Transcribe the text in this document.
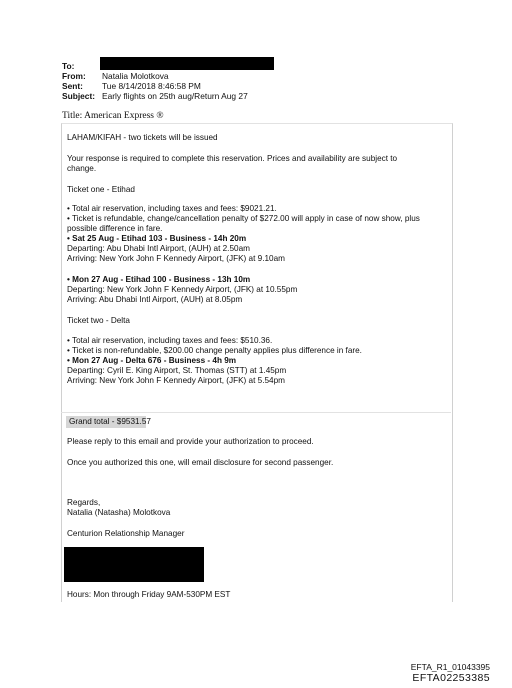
To:
From: Natalia Molotkova
Sent: Tue 8/14/2018 8:46:58 PM
Subject: Early flights on 25th aug/Return Aug 27
Title: American Express ®
LAHAM/KIFAH - two tickets will be issued
Your response is required to complete this reservation. Prices and availability are subject to
change.
Ticket one - Etihad
• Total air reservation, including taxes and fees: $9021.21.
• Ticket is refundable, change/cancellation penalty of $272.00 will apply in case of now show, plus
possible difference in fare.
• Sat 25 Aug - Etihad 103 - Business - 14h 20m
Departing: Abu Dhabi Intl Airport, (AUH) at 2.50am
Arriving: New York John F Kennedy Airport, (JFK) at 9.10am
• Mon 27 Aug - Etihad 100 - Business - 13h 10m
Departing: New York John F Kennedy Airport, (JFK) at 10.55pm
Arriving: Abu Dhabi Intl Airport, (AUH) at 8.05pm
Ticket two - Delta
• Total air reservation, including taxes and fees: $510.36.
• Ticket is non-refundable, $200.00 change penalty applies plus difference in fare.
• Mon 27 Aug - Delta 676 - Business - 4h 9m
Departing: Cyril E. King Airport, St. Thomas (STT) at 1.45pm
Arriving: New York John F Kennedy Airport, (JFK) at 5.54pm
Grand total - $9531.57
Please reply to this email and provide your authorization to proceed.
Once you authorized this one, will email disclosure for second passenger.
Regards,
Natalia (Natasha) Molotkova
Centurion Relationship Manager
Hours: Mon through Friday 9AM-530PM EST
EFTA_R1_01043395
EFTA02253385
